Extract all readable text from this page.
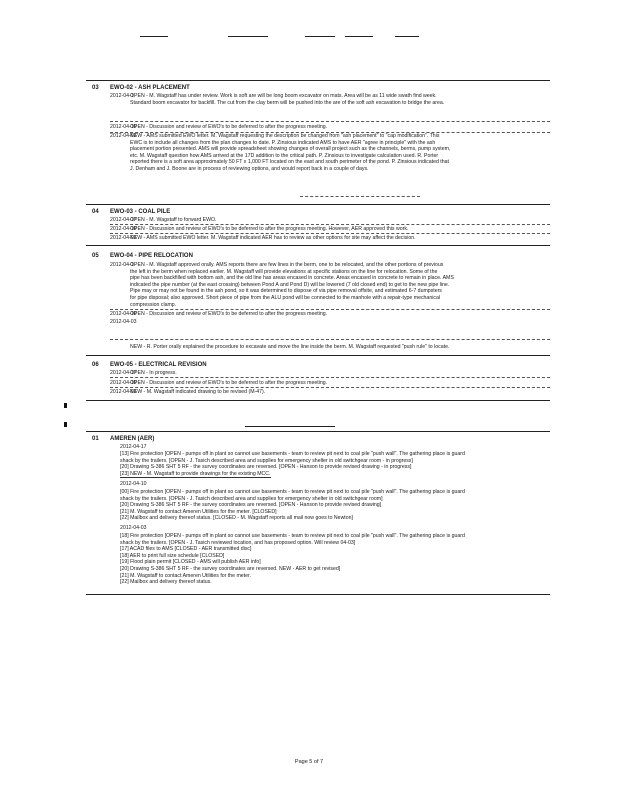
03 EWO-02 - ASH PLACEMENT
2012-04-1
OPEN - M. Wagstaff has under review. Work is soft are will be long boom excavator on mats. Area will be as 11 wide swath find week.
Standard boom excavator for backfill. The cut from the clay berm will be pushed into the are of the soft ash excavation to bridge the area.
2012-04-10
OPEN - Discussion and review of EWO's to be deferred to after the progress meeting.
2012-04-03
NEW - AMS submitted EWO letter. M. Wagstaff requesting the description be changed from "ash placement" to "cap modification". This
EWC is to include all changes from the plan changes to date. P. Zinsious indicated AMS to have AER "agree in principle" with the ash
placement portion presented. AMS will provide spreadsheet showing changes of overall project such as the channels, berms, pump system,
etc. M. Wagstaff question how AMS arrived at the 17D addition to the critical path. P. Zinsious to investigate calculation used. R. Porter
reported there is a soft area approximately 50 FT x 1,000 FT located on the east and south perimeter of the pond. P. Zinsious indicated that
J. Denham and J. Boone are in process of reviewing options, and would report back in a couple of days.
04 EWO-03 - COAL PILE
2012-04-17
OPEN - M. Wagstaff to forward EWO.
2012-04-10
OPEN - Discussion and review of EWO's to be deferred to after the progress meeting. However, AER approved this work.
2012-04-03
NEW - AMS submitted EWO letter. M. Wagstaff indicated AER has to review as other options for site may affect the decision.
05 EWO-04 - PIPE RELOCATION
2012-04-1
OPEN - M. Wagstaff approved orally. AMS reports there are few lines in the berm, one to be relocated, and the other portions of previous
the left in the berm when replaced earlier. M. Wagstaff will provide elevations at specific stations on the line for relocation. Some of the
pipe has been backfilled with bottom ash, and the old line has areas encased in concrete. Areas encased in concrete to remain in place. AMS
indicated the pipe number (at the east crossing) between Pond A and Pond D) will be lowered (7 old closed end) to get to the new pipe line.
Pipe may or may not be found in the ash pond, so it was determined to dispose of via pipe removal offsite, and estimated 6-7 dumpsters
for pipe disposal; also approved. Short piece of pipe from the ALU pond will be connected to the manhole with a repair-type mechanical
compression clamp.
2012-04-10
OPEN - Discussion and review of EWO's to be deferred to after the progress meeting.
2012-04-03
NEW - R. Porter orally explained the procedure to excavate and move the line inside the berm. M. Wagstaff requested "push rule" to locate.
06 EWO-05 - ELECTRICAL REVISION
2012-04-17
OPEN - In progress.
2012-04-10
OPEN - Discussion and review of EWO's to be deferred to after the progress meeting.
2012-04-03
NEW - M. Wagstaff indicated drawing to be revised (M-47).
01 AMEREN (AER)
2012-04-17
[13] Fire protection [OPEN - pumps off in plant so cannot use basements - team to review pit next to coal pile "push wall". The gathering place is guard
shack by the trailers. [OPEN - J. Tasich described area and supplies for emergency shelter in old switchgear room - in progress]
[20] Drawing S-386 SHT 5 RF - the survey coordinates are reversed. [OPEN - Hanson to provide revised drawing - in progress]
[23] NEW - M. Wagstaff to provide drawings for the existing MCC.
2012-04-10
[00] Fire protection [OPEN - pumps off in plant so cannot use basements - team to review pit next to coal pile "push wall". The gathering place is guard
shack by the trailers. [OPEN - J. Tasich described area and supplies for emergency shelter in old switchgear room]
[20] Drawing S-386 SHT 5 RF - the survey coordinates are reversed. [OPEN - Hanson to provide revised drawing]
[21] M. Wagstaff to contact Ameren Utilities for the meter. [CLOSED]
[22] Mailbox and delivery thereof status. [CLOSED - M. Wagstaff reports all mail now goes to Newton]
2012-04-03
[18] Fire protection [OPEN - pumps off in plant so cannot use basements - team to review pit next to coal pile "push wall". The gathering place is guard
shack by the trailers. [OPEN - J. Tasich reviewed location, and has proposed option. Will review 04-03]
[17] ACAD files to AMS [CLOSED - AER transmitted disc]
[18] AER to print full size schedule [CLOSED]
[19] Flood plain permit [CLOSED - AMS will publish AER info]
[20] Drawing S-386 SHT 5 RF - the survey coordinates are reversed. NEW - AER to get revised]
[21] M. Wagstaff to contact Ameren Utilities for the meter.
[22] Mailbox and delivery thereof status.
Page 5 of 7
